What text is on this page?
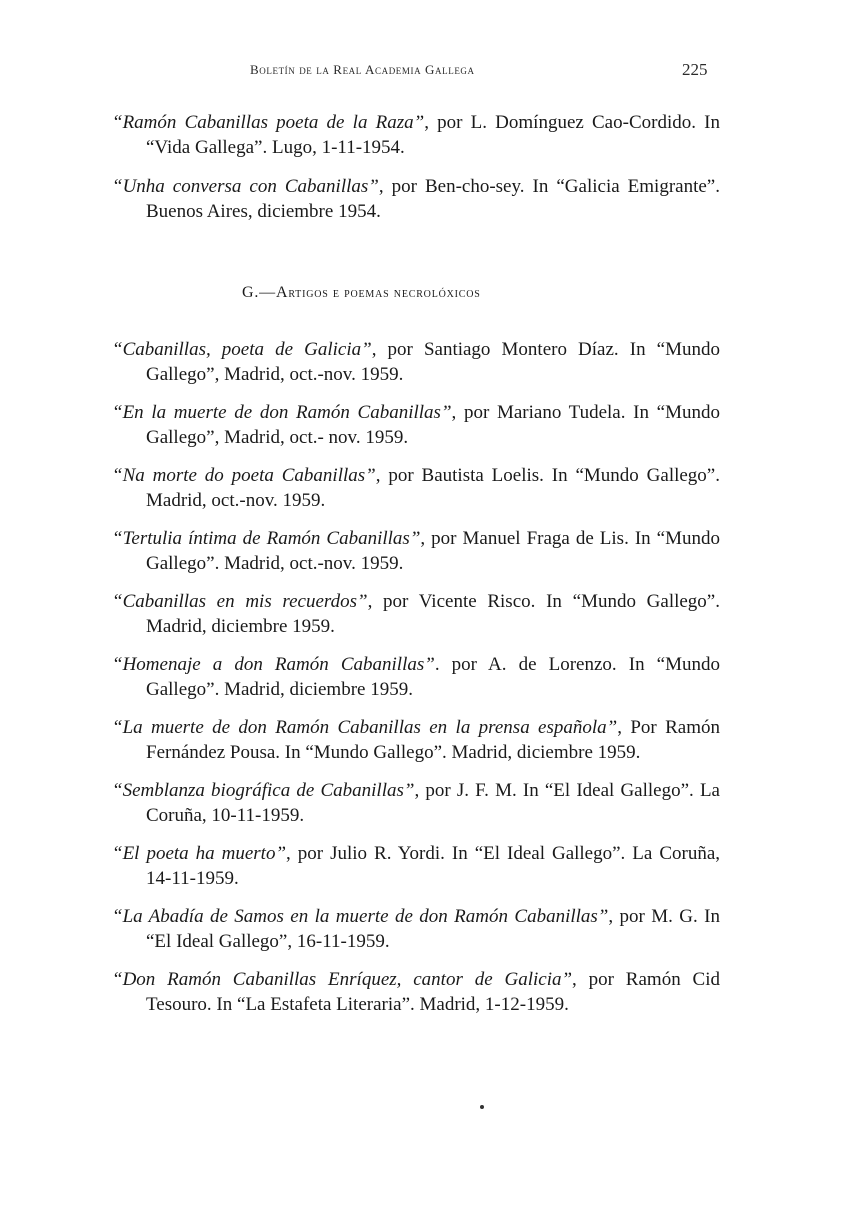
Boletín de la Real Academia Gallega	225

“Ramón Cabanillas poeta de la Raza”, por L. Domínguez Cao-Cordido. In “Vida Gallega”. Lugo, 1-11-1954.

“Unha conversa con Cabanillas”, por Ben-cho-sey. In “Galicia Emigrante”. Buenos Aires, diciembre 1954.

G.—Artigos e poemas necrolóxicos

“Cabanillas, poeta de Galicia”, por Santiago Montero Díaz. In “Mundo Gallego”, Madrid, oct.-nov. 1959.

“En la muerte de don Ramón Cabanillas”, por Mariano Tudela. In “Mundo Gallego”, Madrid, oct.- nov. 1959.

“Na morte do poeta Cabanillas”, por Bautista Loelis. In “Mundo Gallego”. Madrid, oct.-nov. 1959.

“Tertulia íntima de Ramón Cabanillas”, por Manuel Fraga de Lis. In “Mundo Gallego”. Madrid, oct.-nov. 1959.

“Cabanillas en mis recuerdos”, por Vicente Risco. In “Mundo Gallego”. Madrid, diciembre 1959.

“Homenaje a don Ramón Cabanillas”. por A. de Lorenzo. In “Mundo Gallego”. Madrid, diciembre 1959.

“La muerte de don Ramón Cabanillas en la prensa española”, Por Ramón Fernández Pousa. In “Mundo Gallego”. Madrid, diciembre 1959.

“Semblanza biográfica de Cabanillas”, por J. F. M. In “El Ideal Gallego”. La Coruña, 10-11-1959.

“El poeta ha muerto”, por Julio R. Yordi. In “El Ideal Gallego”. La Coruña, 14-11-1959.

“La Abadía de Samos en la muerte de don Ramón Cabanillas”, por M. G. In “El Ideal Gallego”, 16-11-1959.

“Don Ramón Cabanillas Enríquez, cantor de Galicia”, por Ramón Cid Tesouro. In “La Estafeta Literaria”. Madrid, 1-12-1959.
